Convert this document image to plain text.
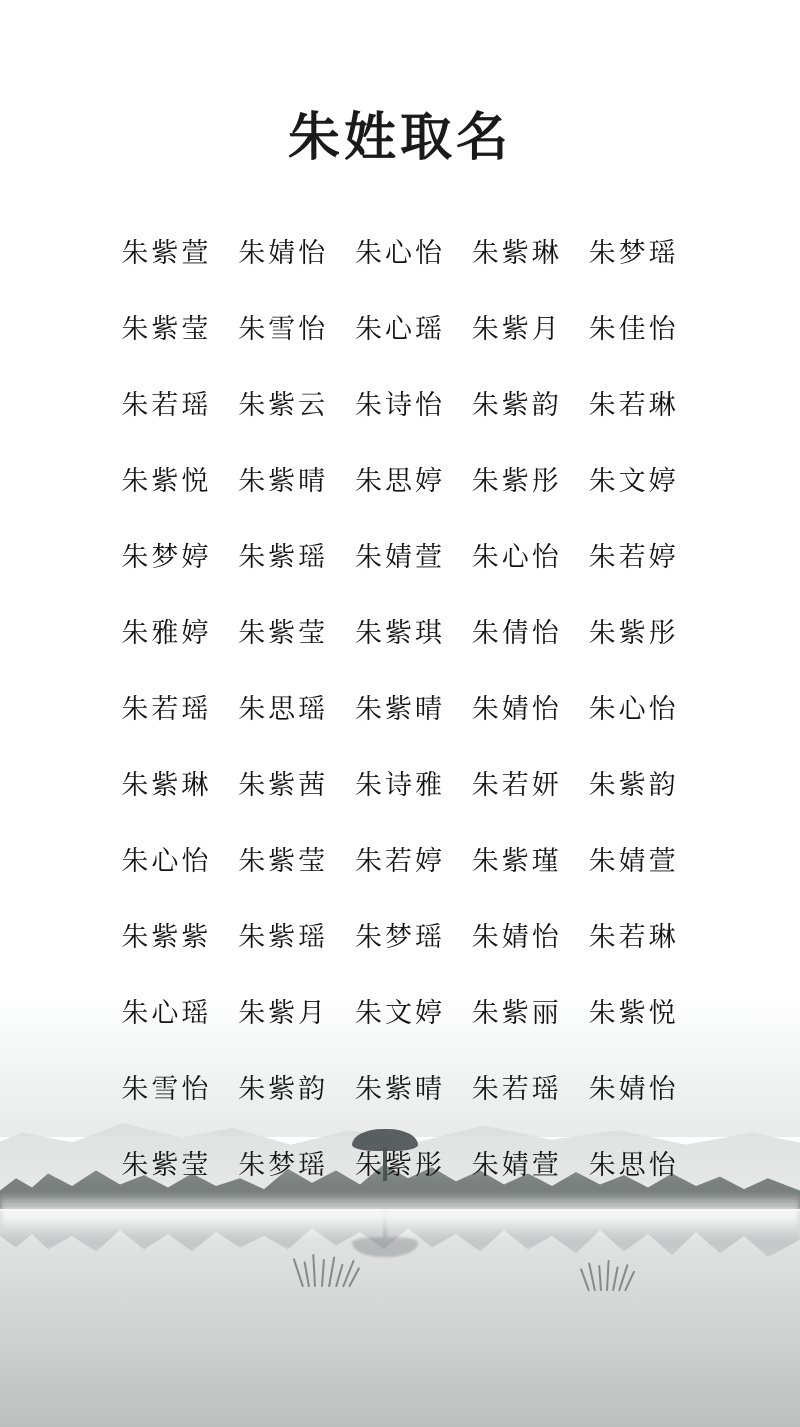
朱姓取名
朱紫萱 朱婧怡 朱心怡 朱紫琳 朱梦瑶
朱紫莹 朱雪怡 朱心瑶 朱紫月 朱佳怡
朱若瑶 朱紫云 朱诗怡 朱紫韵 朱若琳
朱紫悦 朱紫晴 朱思婷 朱紫彤 朱文婷
朱梦婷 朱紫瑶 朱婧萱 朱心怡 朱若婷
朱雅婷 朱紫莹 朱紫琪 朱倩怡 朱紫彤
朱若瑶 朱思瑶 朱紫晴 朱婧怡 朱心怡
朱紫琳 朱紫茜 朱诗雅 朱若妍 朱紫韵
朱心怡 朱紫莹 朱若婷 朱紫瑾 朱婧萱
朱紫紫 朱紫瑶 朱梦瑶 朱婧怡 朱若琳
朱心瑶 朱紫月 朱文婷 朱紫丽 朱紫悦
朱雪怡 朱紫韵 朱紫晴 朱若瑶 朱婧怡
朱紫莹 朱梦瑶 朱紫彤 朱婧萱 朱思怡
